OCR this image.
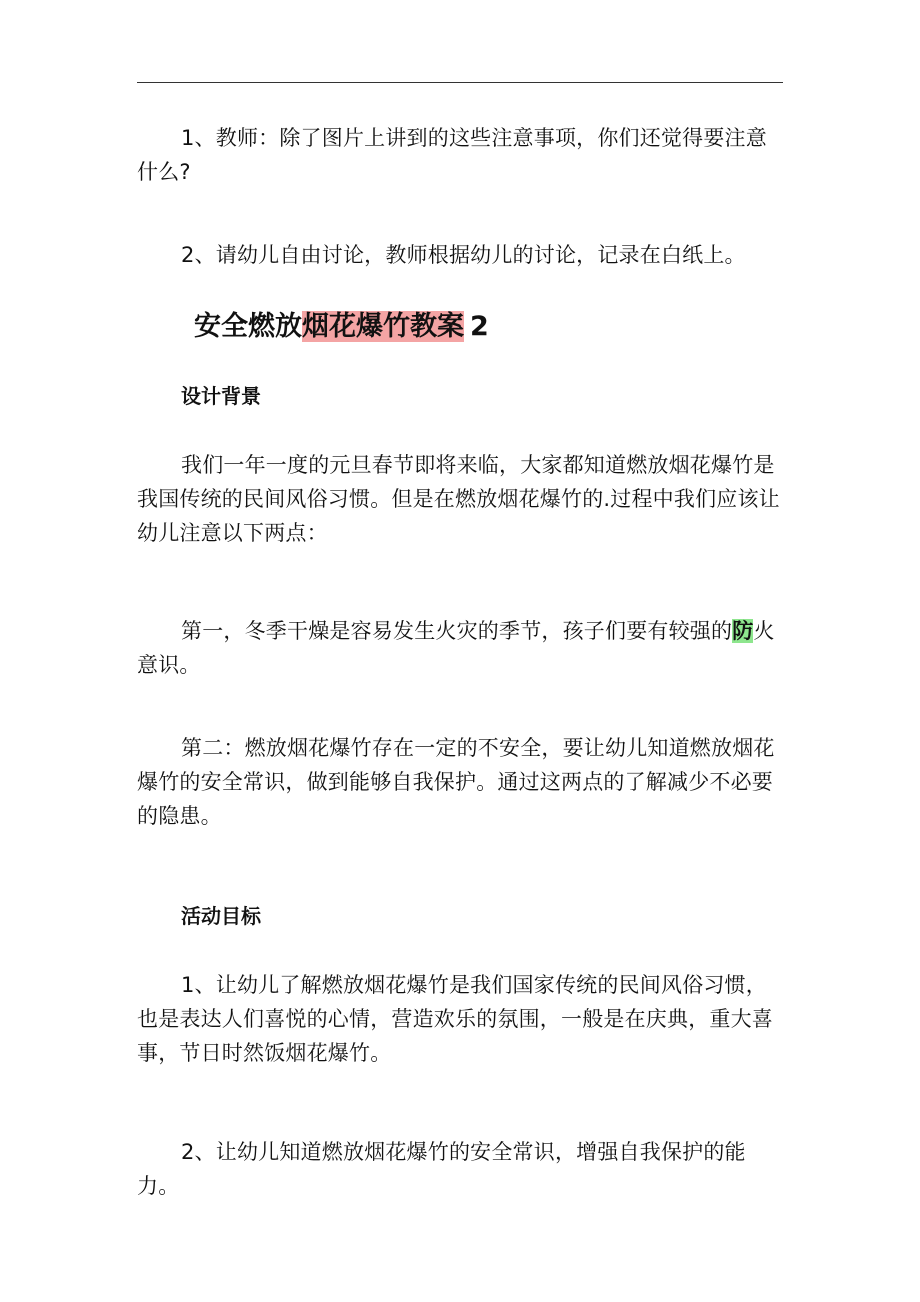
1、教师：除了图片上讲到的这些注意事项，你们还觉得要注意什么?

2、请幼儿自由讨论，教师根据幼儿的讨论，记录在白纸上。

安全燃放烟花爆竹教案 2
设计背景

我们一年一度的元旦春节即将来临，大家都知道燃放烟花爆竹是我国传统的民间风俗习惯。但是在燃放烟花爆竹的.过程中我们应该让幼儿注意以下两点：

第一，冬季干燥是容易发生火灾的季节，孩子们要有较强的防火意识。

第二：燃放烟花爆竹存在一定的不安全，要让幼儿知道燃放烟花爆竹的安全常识，做到能够自我保护。通过这两点的了解减少不必要的隐患。

活动目标

1、让幼儿了解燃放烟花爆竹是我们国家传统的民间风俗习惯，也是表达人们喜悦的心情，营造欢乐的氛围，一般是在庆典，重大喜事，节日时然饭烟花爆竹。

2、让幼儿知道燃放烟花爆竹的安全常识，增强自我保护的能力。
